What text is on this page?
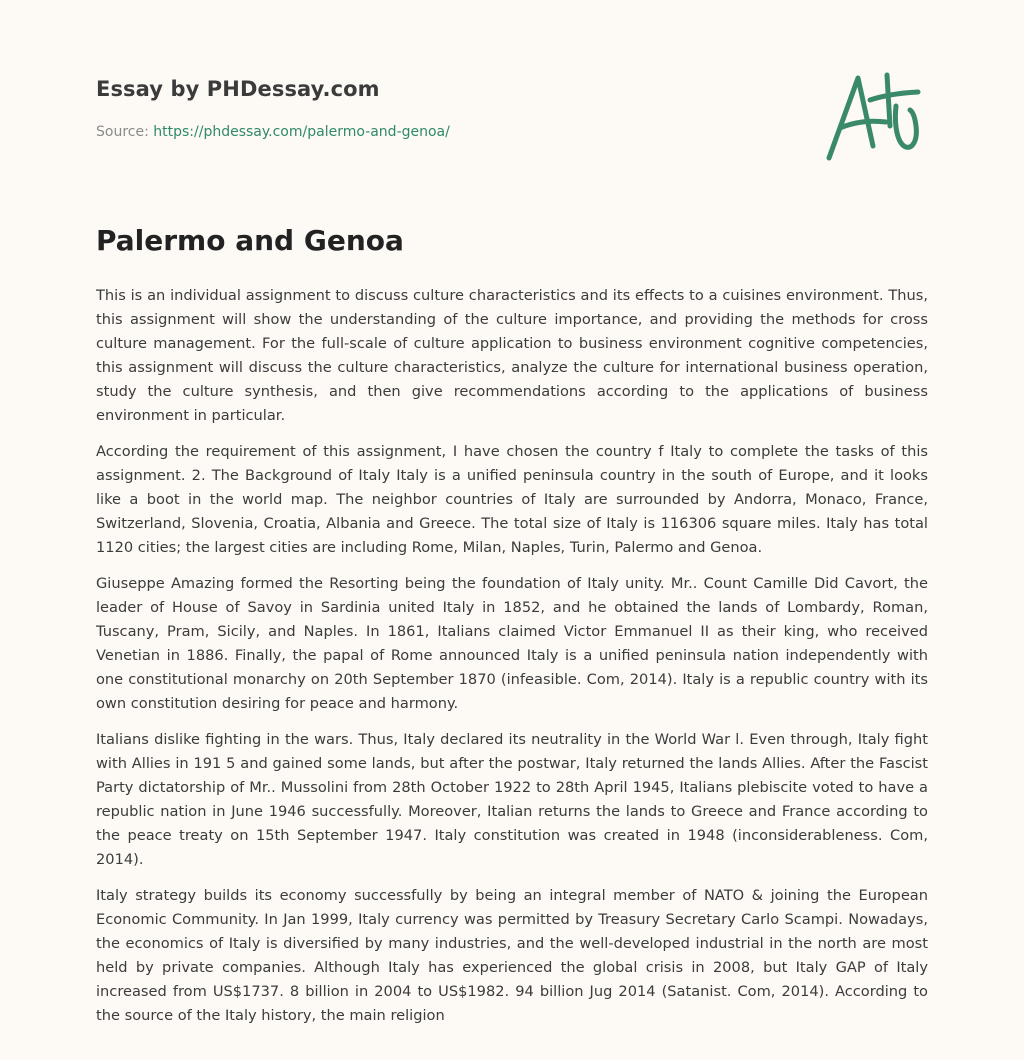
Essay by PHDessay.com
Source: https://phdessay.com/palermo-and-genoa/
Palermo and Genoa

This is an individual assignment to discuss culture characteristics and its effects to a cuisines environment. Thus, this assignment will show the understanding of the culture importance, and providing the methods for cross culture management. For the full-scale of culture application to business environment cognitive competencies, this assignment will discuss the culture characteristics, analyze the culture for international business operation, study the culture synthesis, and then give recommendations according to the applications of business environment in particular.

According the requirement of this assignment, I have chosen the country f Italy to complete the tasks of this assignment. 2. The Background of Italy Italy is a unified peninsula country in the south of Europe, and it looks like a boot in the world map. The neighbor countries of Italy are surrounded by Andorra, Monaco, France, Switzerland, Slovenia, Croatia, Albania and Greece. The total size of Italy is 116306 square miles. Italy has total 1120 cities; the largest cities are including Rome, Milan, Naples, Turin, Palermo and Genoa.

Giuseppe Amazing formed the Resorting being the foundation of Italy unity. Mr.. Count Camille Did Cavort, the leader of House of Savoy in Sardinia united Italy in 1852, and he obtained the lands of Lombardy, Roman, Tuscany, Pram, Sicily, and Naples. In 1861, Italians claimed Victor Emmanuel II as their king, who received Venetian in 1886. Finally, the papal of Rome announced Italy is a unified peninsula nation independently with one constitutional monarchy on 20th September 1870 (infeasible. Com, 2014). Italy is a republic country with its own constitution desiring for peace and harmony.

Italians dislike fighting in the wars. Thus, Italy declared its neutrality in the World War l. Even through, Italy fight with Allies in 191 5 and gained some lands, but after the postwar, Italy returned the lands Allies. After the Fascist Party dictatorship of Mr.. Mussolini from 28th October 1922 to 28th April 1945, Italians plebiscite voted to have a republic nation in June 1946 successfully. Moreover, Italian returns the lands to Greece and France according to the peace treaty on 15th September 1947. Italy constitution was created in 1948 (inconsiderableness. Com, 2014).

Italy strategy builds its economy successfully by being an integral member of NATO & joining the European Economic Community. In Jan 1999, Italy currency was permitted by Treasury Secretary Carlo Scampi. Nowadays, the economics of Italy is diversified by many industries, and the well-developed industrial in the north are most held by private companies. Although Italy has experienced the global crisis in 2008, but Italy GAP of Italy increased from US$1737. 8 billion in 2004 to US$1982. 94 billion Jug 2014 (Satanist. Com, 2014). According to the source of the Italy history, the main religion
